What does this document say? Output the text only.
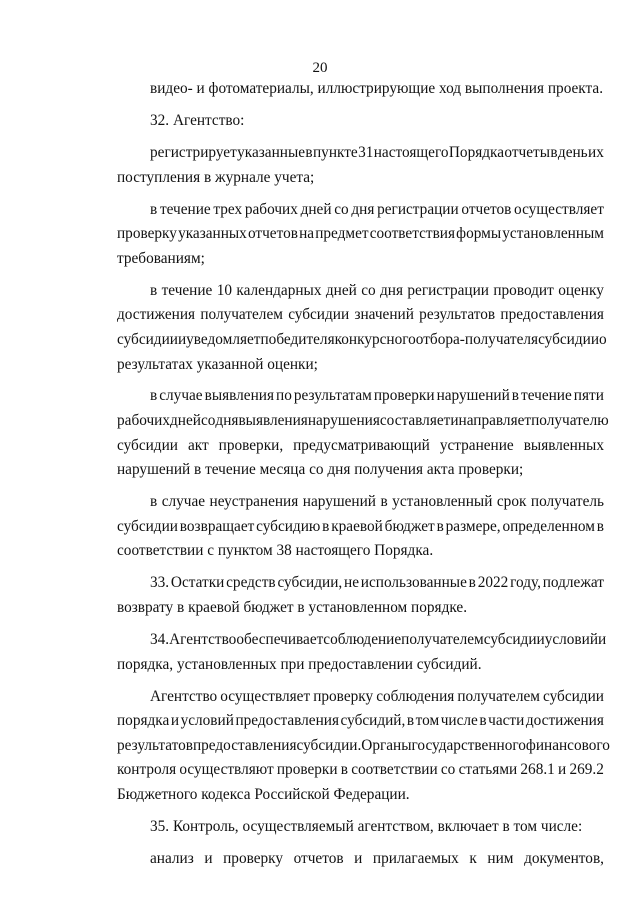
20
видео- и фотоматериалы, иллюстрирующие ход выполнения проекта.
32. Агентство:
регистрирует указанные в пункте 31 настоящего Порядка отчеты в день их
поступления в журнале учета;
в течение трех рабочих дней со дня регистрации отчетов осуществляет
проверку указанных отчетов на предмет соответствия формы установленным
требованиям;
в течение 10 календарных дней со дня регистрации проводит оценку
достижения получателем субсидии значений результатов предоставления
субсидии и уведомляет победителя конкурсного отбора - получателя субсидии о
результатах указанной оценки;
в случае выявления по результатам проверки нарушений в течение пяти
рабочих дней со дня выявления нарушения составляет и направляет получателю
субсидии акт проверки, предусматривающий устранение выявленных
нарушений в течение месяца со дня получения акта проверки;
в случае неустранения нарушений в установленный срок получатель
субсидии возвращает субсидию в краевой бюджет в размере, определенном в
соответствии с пунктом 38 настоящего Порядка.
33. Остатки средств субсидии, не использованные в 2022 году, подлежат
возврату в краевой бюджет в установленном порядке.
34. Агентство обеспечивает соблюдение получателем субсидии условий и
порядка, установленных при предоставлении субсидий.
Агентство осуществляет проверку соблюдения получателем субсидии
порядка и условий предоставления субсидий, в том числе в части достижения
результатов предоставления субсидии. Органы государственного финансового
контроля осуществляют проверки в соответствии со статьями 268.1 и 269.2
Бюджетного кодекса Российской Федерации.
35. Контроль, осуществляемый агентством, включает в том числе:
анализ и проверку отчетов и прилагаемых к ним документов,
